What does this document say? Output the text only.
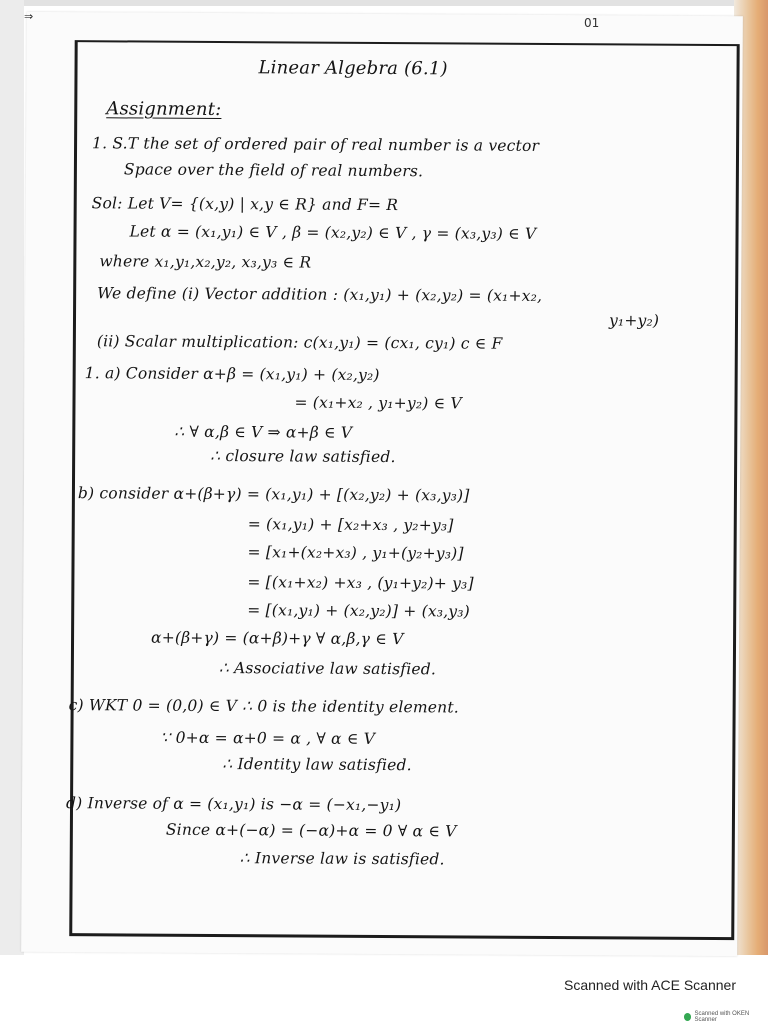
Linear Algebra (6.1)
Assignment:
1. S.T the set of ordered pair of real number is a vector
Space over the field of real numbers.
Sol: Let V= {(x,y) | x,y ∈ R} and F= R
Let α = (x₁,y₁) ∈ V , β = (x₂,y₂) ∈ V , γ = (x₃,y₃) ∈ V
where x₁,y₁,x₂,y₂, x₃,y₃ ∈ R
We define (i) Vector addition : (x₁,y₁) + (x₂,y₂) = (x₁+x₂,
y₁+y₂)
(ii) Scalar multiplication: c(x₁,y₁) = (cx₁, cy₁) c ∈ F
1. a) Consider α+β = (x₁,y₁) + (x₂,y₂)
= (x₁+x₂ , y₁+y₂) ∈ V
∴ ∀ α,β ∈ V ⇒ α+β ∈ V
∴ closure law satisfied.
b) consider α+(β+γ) = (x₁,y₁) + [(x₂,y₂) + (x₃,y₃)]
= (x₁,y₁) + [x₂+x₃ , y₂+y₃]
= [x₁+(x₂+x₃) , y₁+(y₂+y₃)]
= [(x₁+x₂) +x₃ , (y₁+y₂)+ y₃]
= [(x₁,y₁) + (x₂,y₂)] + (x₃,y₃)
α+(β+γ) = (α+β)+γ ∀ α,β,γ ∈ V
∴ Associative law satisfied.
c) WKT 0 = (0,0) ∈ V ∴ 0 is the identity element.
∵ 0+α = α+0 = α , ∀ α ∈ V
∴ Identity law satisfied.
d) Inverse of α = (x₁,y₁) is −α = (−x₁,−y₁)
Since α+(−α) = (−α)+α = 0 ∀ α ∈ V
∴ Inverse law is satisfied.
⇒	01
Scanned with ACE Scanner
Scanned with OKEN Scanner
